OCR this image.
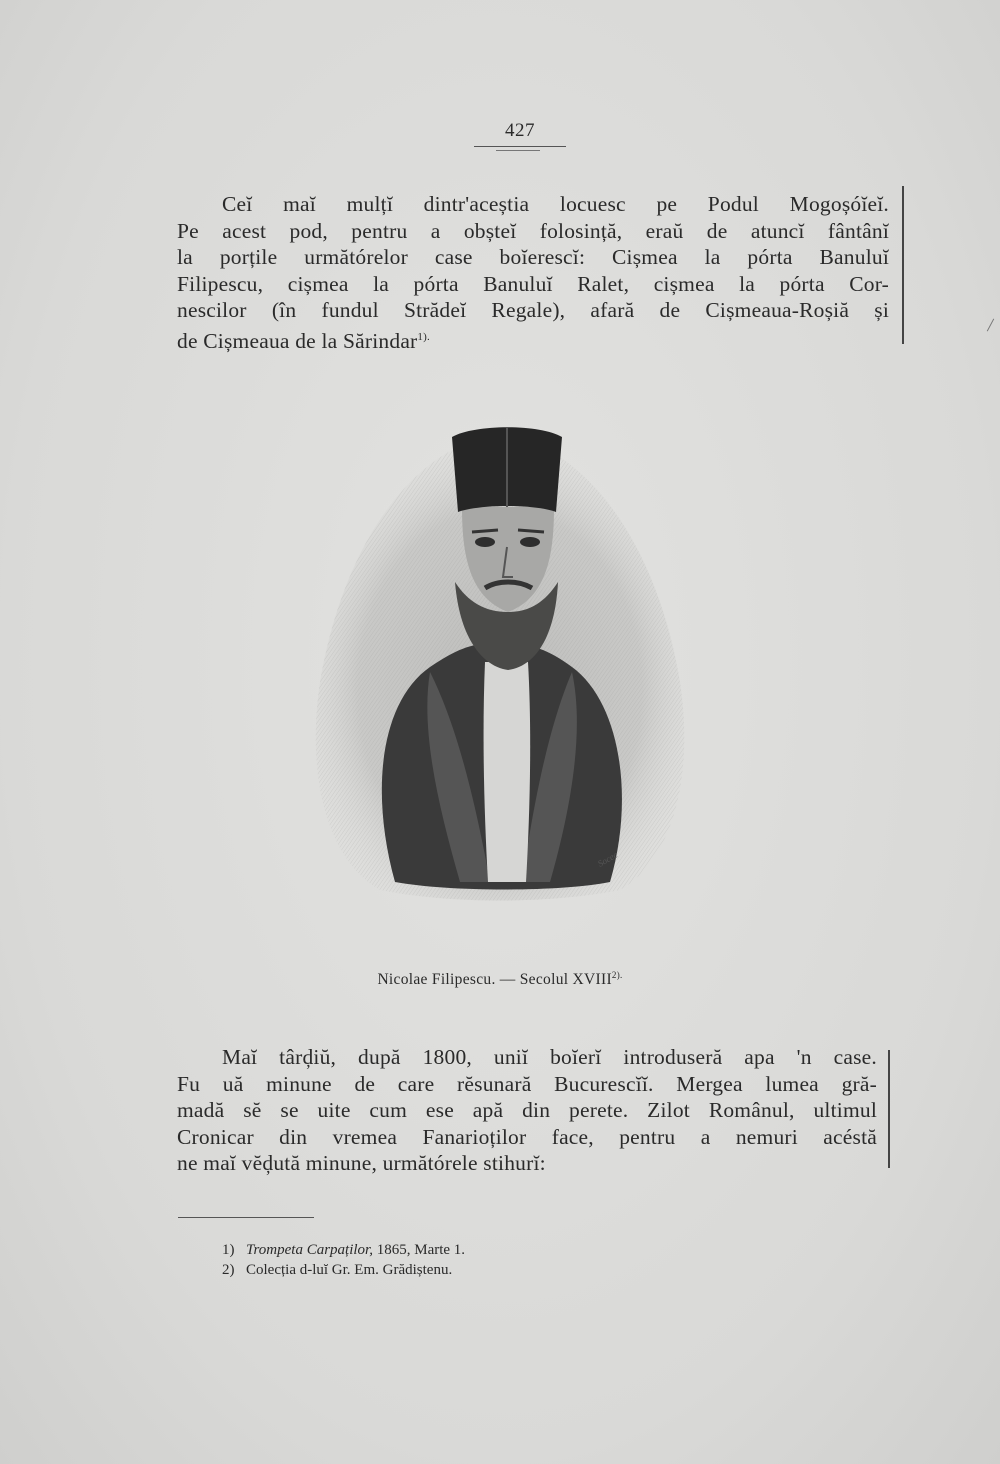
427
Ceĭ maĭ mulțĭ dintr'aceștia locuesc pe Podul Mogoșóĭeĭ.
Pe acest pod, pentru a obșteĭ folosință, eraŭ de atuncĭ fântânĭ
la porțile următórelor case boĭerescĭ: Cișmea la pórta Banuluĭ
Filipescu, cișmea la pórta Banuluĭ Ralet, cișmea la pórta Cor-
nescilor (în fundul Strădeĭ Regale), afară de Cișmeaua-Roșiă și
de Cișmeaua de la Sărindar$^{1).}$
Socec
Nicolae Filipescu. — Secolul $XVIII^{2).}$
Maĭ târḑiŭ, după 1800, uniĭ boĭerĭ introduseră apa 'n case.
Fu uă minune de care rĕsunară Bucurescĭĭ. Mergea lumea gră-
madă sĕ se uite cum ese apă din perete. Zilot Românul, ultimul
Cronicar din vremea Fanarioților face, pentru a nemuri acéstă
ne maĭ vĕḑută minune, următórele stihurĭ:
1) Trompeta Carpaților, 1865, Marte 1.
2) Colecția d-luĭ Gr. Em. Grădiștenu.
